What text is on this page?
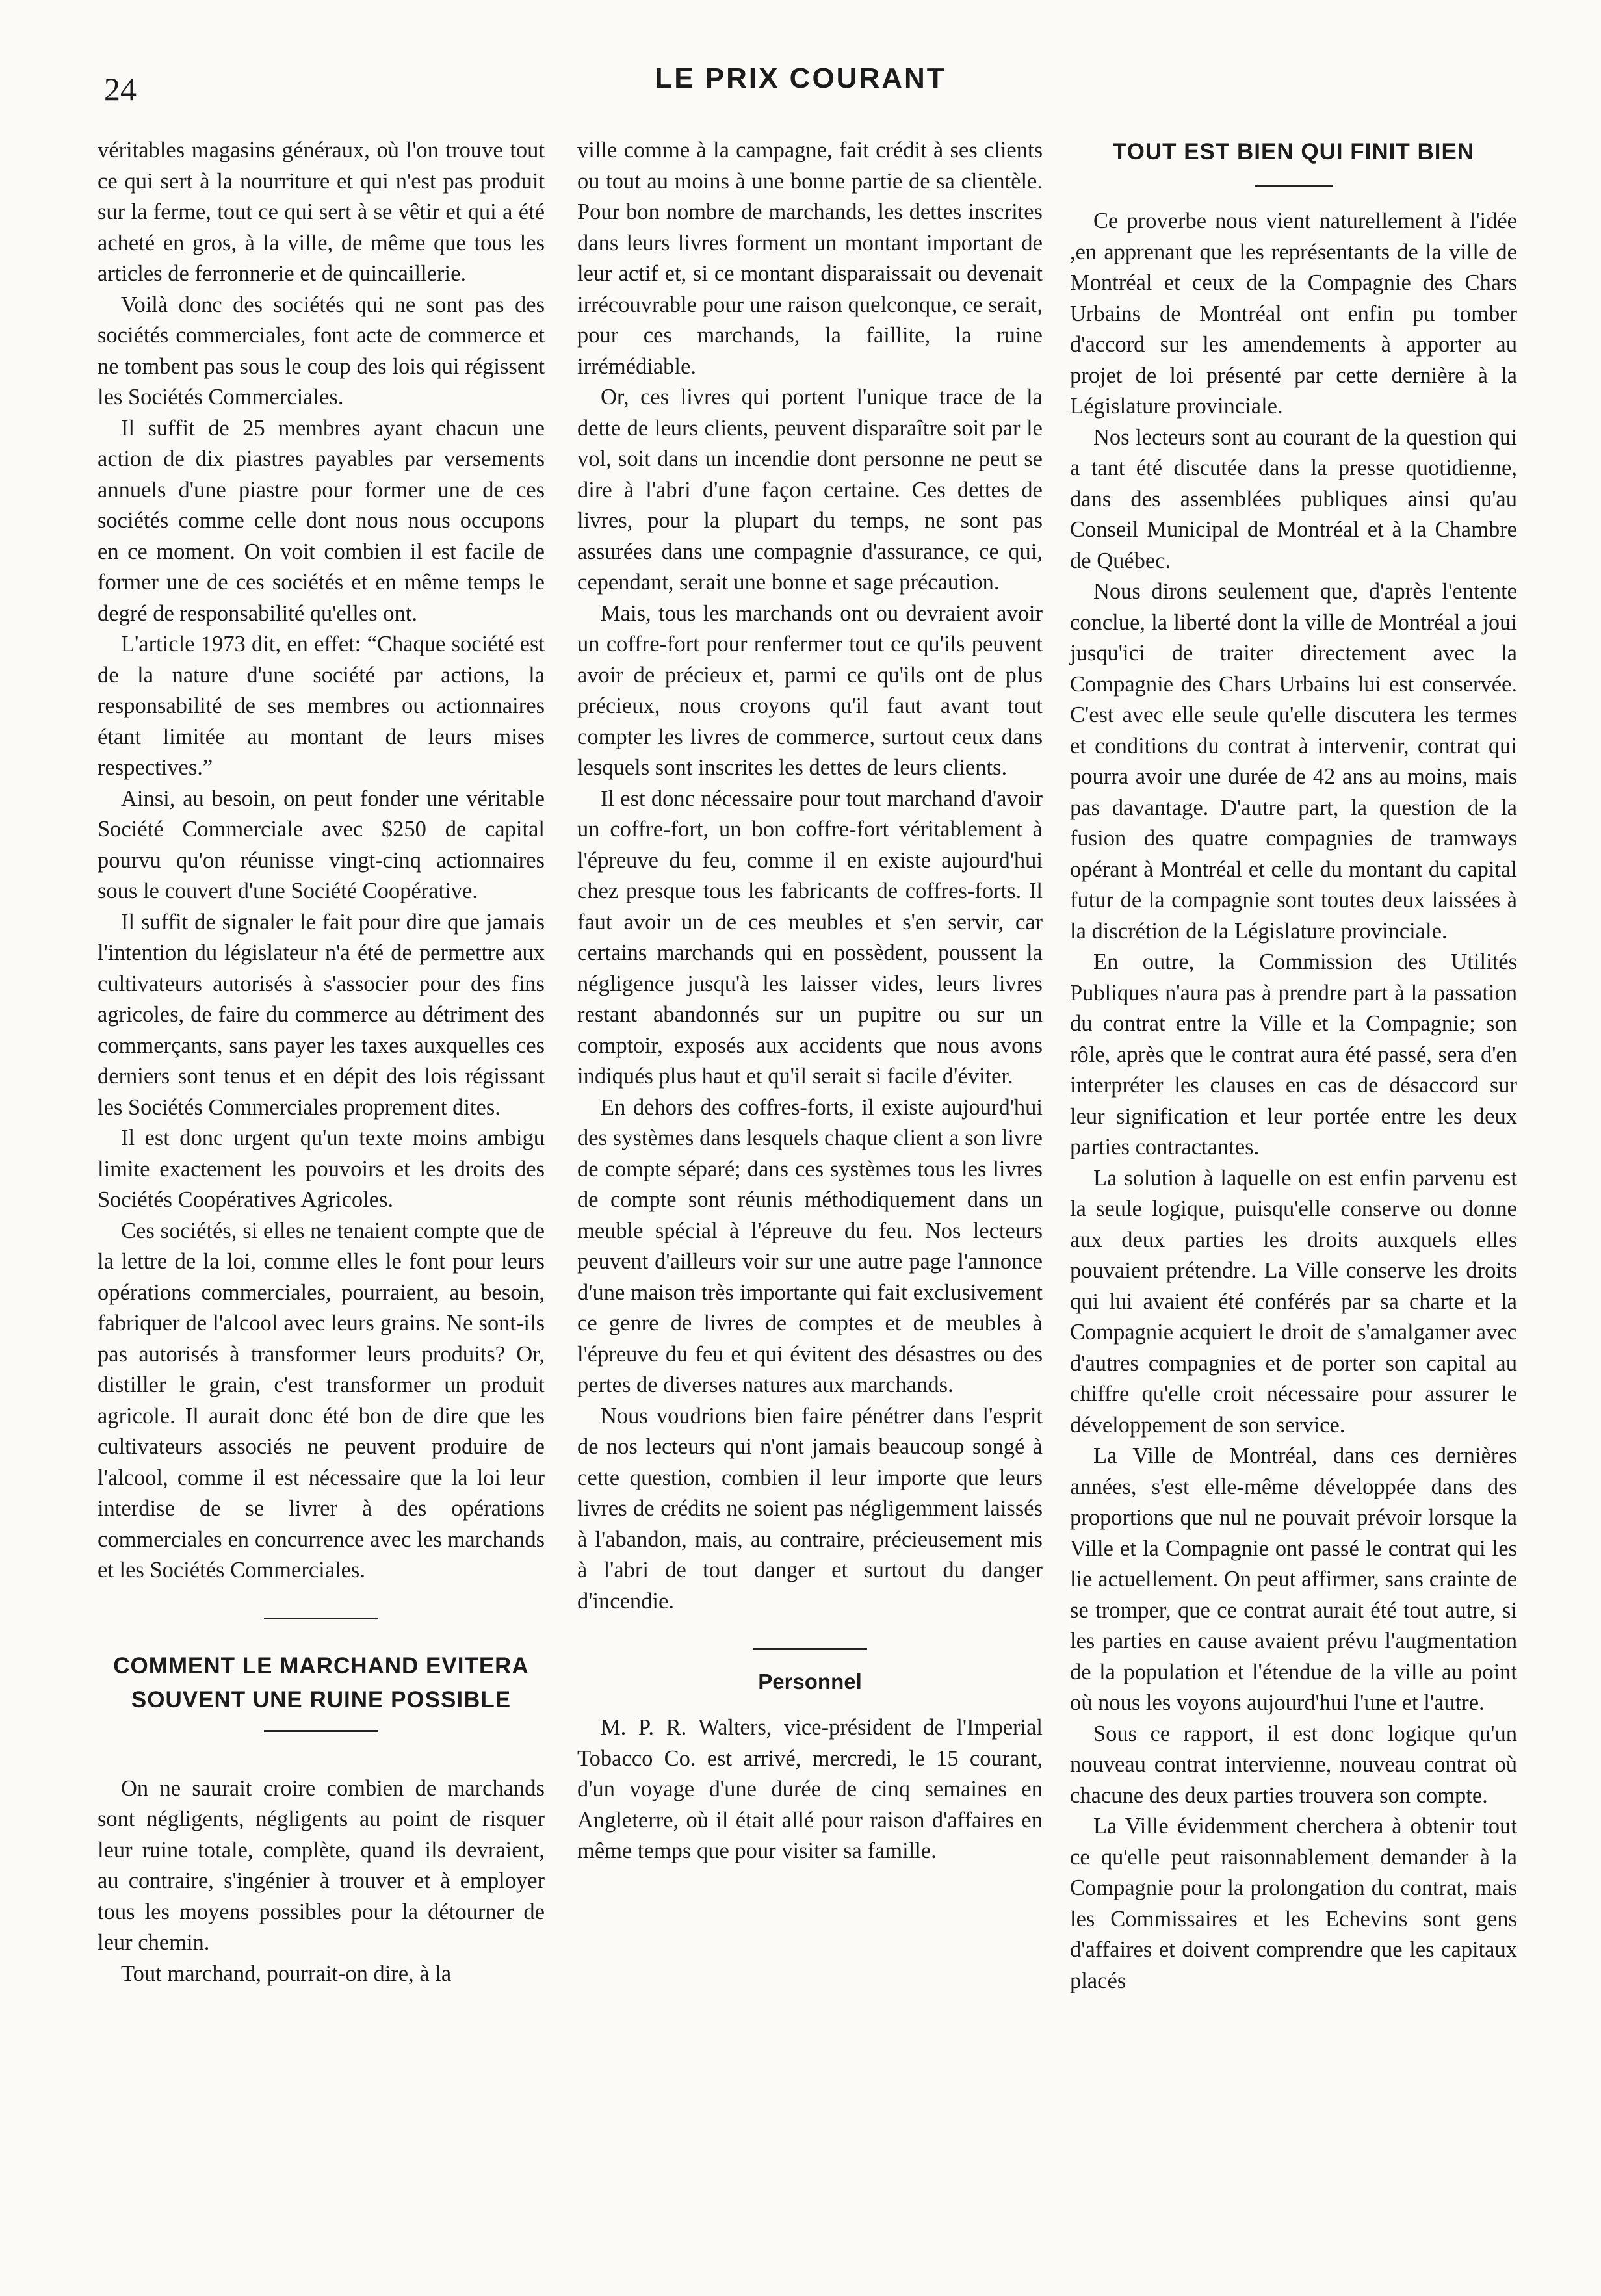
24	LE PRIX COURANT

véritables magasins généraux, où l'on trouve tout ce qui sert à la nourriture et qui n'est pas produit sur la ferme, tout ce qui sert à se vêtir et qui a été acheté en gros, à la ville, de même que tous les articles de ferronnerie et de quincaillerie.

Voilà donc des sociétés qui ne sont pas des sociétés commerciales, font acte de commerce et ne tombent pas sous le coup des lois qui régissent les Sociétés Commerciales.

Il suffit de 25 membres ayant chacun une action de dix piastres payables par versements annuels d'une piastre pour former une de ces sociétés comme celle dont nous nous occupons en ce moment. On voit combien il est facile de former une de ces sociétés et en même temps le degré de responsabilité qu'elles ont.

L'article 1973 dit, en effet: “Chaque société est de la nature d'une société par actions, la responsabilité de ses membres ou actionnaires étant limitée au montant de leurs mises respectives.”

Ainsi, au besoin, on peut fonder une véritable Société Commerciale avec $250 de capital pourvu qu'on réunisse vingt-cinq actionnaires sous le couvert d'une Société Coopérative.

Il suffit de signaler le fait pour dire que jamais l'intention du législateur n'a été de permettre aux cultivateurs autorisés à s'associer pour des fins agricoles, de faire du commerce au détriment des commerçants, sans payer les taxes auxquelles ces derniers sont tenus et en dépit des lois régissant les Sociétés Commerciales proprement dites.

Il est donc urgent qu'un texte moins ambigu limite exactement les pouvoirs et les droits des Sociétés Coopératives Agricoles.

Ces sociétés, si elles ne tenaient compte que de la lettre de la loi, comme elles le font pour leurs opérations commerciales, pourraient, au besoin, fabriquer de l'alcool avec leurs grains. Ne sont-ils pas autorisés à transformer leurs produits? Or, distiller le grain, c'est transformer un produit agricole. Il aurait donc été bon de dire que les cultivateurs associés ne peuvent produire de l'alcool, comme il est nécessaire que la loi leur interdise de se livrer à des opérations commerciales en concurrence avec les marchands et les Sociétés Commerciales.

COMMENT LE MARCHAND EVITERA SOUVENT UNE RUINE POSSIBLE

On ne saurait croire combien de marchands sont négligents, négligents au point de risquer leur ruine totale, complète, quand ils devraient, au contraire, s'ingénier à trouver et à employer tous les moyens possibles pour la détourner de leur chemin.

Tout marchand, pourrait-on dire, à la

ville comme à la campagne, fait crédit à ses clients ou tout au moins à une bonne partie de sa clientèle. Pour bon nombre de marchands, les dettes inscrites dans leurs livres forment un montant important de leur actif et, si ce montant disparaissait ou devenait irrécouvrable pour une raison quelconque, ce serait, pour ces marchands, la faillite, la ruine irrémédiable.

Or, ces livres qui portent l'unique trace de la dette de leurs clients, peuvent disparaître soit par le vol, soit dans un incendie dont personne ne peut se dire à l'abri d'une façon certaine. Ces dettes de livres, pour la plupart du temps, ne sont pas assurées dans une compagnie d'assurance, ce qui, cependant, serait une bonne et sage précaution.

Mais, tous les marchands ont ou devraient avoir un coffre-fort pour renfermer tout ce qu'ils peuvent avoir de précieux et, parmi ce qu'ils ont de plus précieux, nous croyons qu'il faut avant tout compter les livres de commerce, surtout ceux dans lesquels sont inscrites les dettes de leurs clients.

Il est donc nécessaire pour tout marchand d'avoir un coffre-fort, un bon coffre-fort véritablement à l'épreuve du feu, comme il en existe aujourd'hui chez presque tous les fabricants de coffres-forts. Il faut avoir un de ces meubles et s'en servir, car certains marchands qui en possèdent, poussent la négligence jusqu'à les laisser vides, leurs livres restant abandonnés sur un pupitre ou sur un comptoir, exposés aux accidents que nous avons indiqués plus haut et qu'il serait si facile d'éviter.

En dehors des coffres-forts, il existe aujourd'hui des systèmes dans lesquels chaque client a son livre de compte séparé; dans ces systèmes tous les livres de compte sont réunis méthodiquement dans un meuble spécial à l'épreuve du feu. Nos lecteurs peuvent d'ailleurs voir sur une autre page l'annonce d'une maison très importante qui fait exclusivement ce genre de livres de comptes et de meubles à l'épreuve du feu et qui évitent des désastres ou des pertes de diverses natures aux marchands.

Nous voudrions bien faire pénétrer dans l'esprit de nos lecteurs qui n'ont jamais beaucoup songé à cette question, combien il leur importe que leurs livres de crédits ne soient pas négligemment laissés à l'abandon, mais, au contraire, précieusement mis à l'abri de tout danger et surtout du danger d'incendie.

Personnel

M. P. R. Walters, vice-président de l'Imperial Tobacco Co. est arrivé, mercredi, le 15 courant, d'un voyage d'une durée de cinq semaines en Angleterre, où il était allé pour raison d'affaires en même temps que pour visiter sa famille.

TOUT EST BIEN QUI FINIT BIEN

Ce proverbe nous vient naturellement à l'idée ,en apprenant que les représentants de la ville de Montréal et ceux de la Compagnie des Chars Urbains de Montréal ont enfin pu tomber d'accord sur les amendements à apporter au projet de loi présenté par cette dernière à la Législature provinciale.

Nos lecteurs sont au courant de la question qui a tant été discutée dans la presse quotidienne, dans des assemblées publiques ainsi qu'au Conseil Municipal de Montréal et à la Chambre de Québec.

Nous dirons seulement que, d'après l'entente conclue, la liberté dont la ville de Montréal a joui jusqu'ici de traiter directement avec la Compagnie des Chars Urbains lui est conservée. C'est avec elle seule qu'elle discutera les termes et conditions du contrat à intervenir, contrat qui pourra avoir une durée de 42 ans au moins, mais pas davantage. D'autre part, la question de la fusion des quatre compagnies de tramways opérant à Montréal et celle du montant du capital futur de la compagnie sont toutes deux laissées à la discrétion de la Législature provinciale.

En outre, la Commission des Utilités Publiques n'aura pas à prendre part à la passation du contrat entre la Ville et la Compagnie; son rôle, après que le contrat aura été passé, sera d'en interpréter les clauses en cas de désaccord sur leur signification et leur portée entre les deux parties contractantes.

La solution à laquelle on est enfin parvenu est la seule logique, puisqu'elle conserve ou donne aux deux parties les droits auxquels elles pouvaient prétendre. La Ville conserve les droits qui lui avaient été conférés par sa charte et la Compagnie acquiert le droit de s'amalgamer avec d'autres compagnies et de porter son capital au chiffre qu'elle croit nécessaire pour assurer le développement de son service.

La Ville de Montréal, dans ces dernières années, s'est elle-même développée dans des proportions que nul ne pouvait prévoir lorsque la Ville et la Compagnie ont passé le contrat qui les lie actuellement. On peut affirmer, sans crainte de se tromper, que ce contrat aurait été tout autre, si les parties en cause avaient prévu l'augmentation de la population et l'étendue de la ville au point où nous les voyons aujourd'hui l'une et l'autre.

Sous ce rapport, il est donc logique qu'un nouveau contrat intervienne, nouveau contrat où chacune des deux parties trouvera son compte.

La Ville évidemment cherchera à obtenir tout ce qu'elle peut raisonnablement demander à la Compagnie pour la prolongation du contrat, mais les Commissaires et les Echevins sont gens d'affaires et doivent comprendre que les capitaux placés
